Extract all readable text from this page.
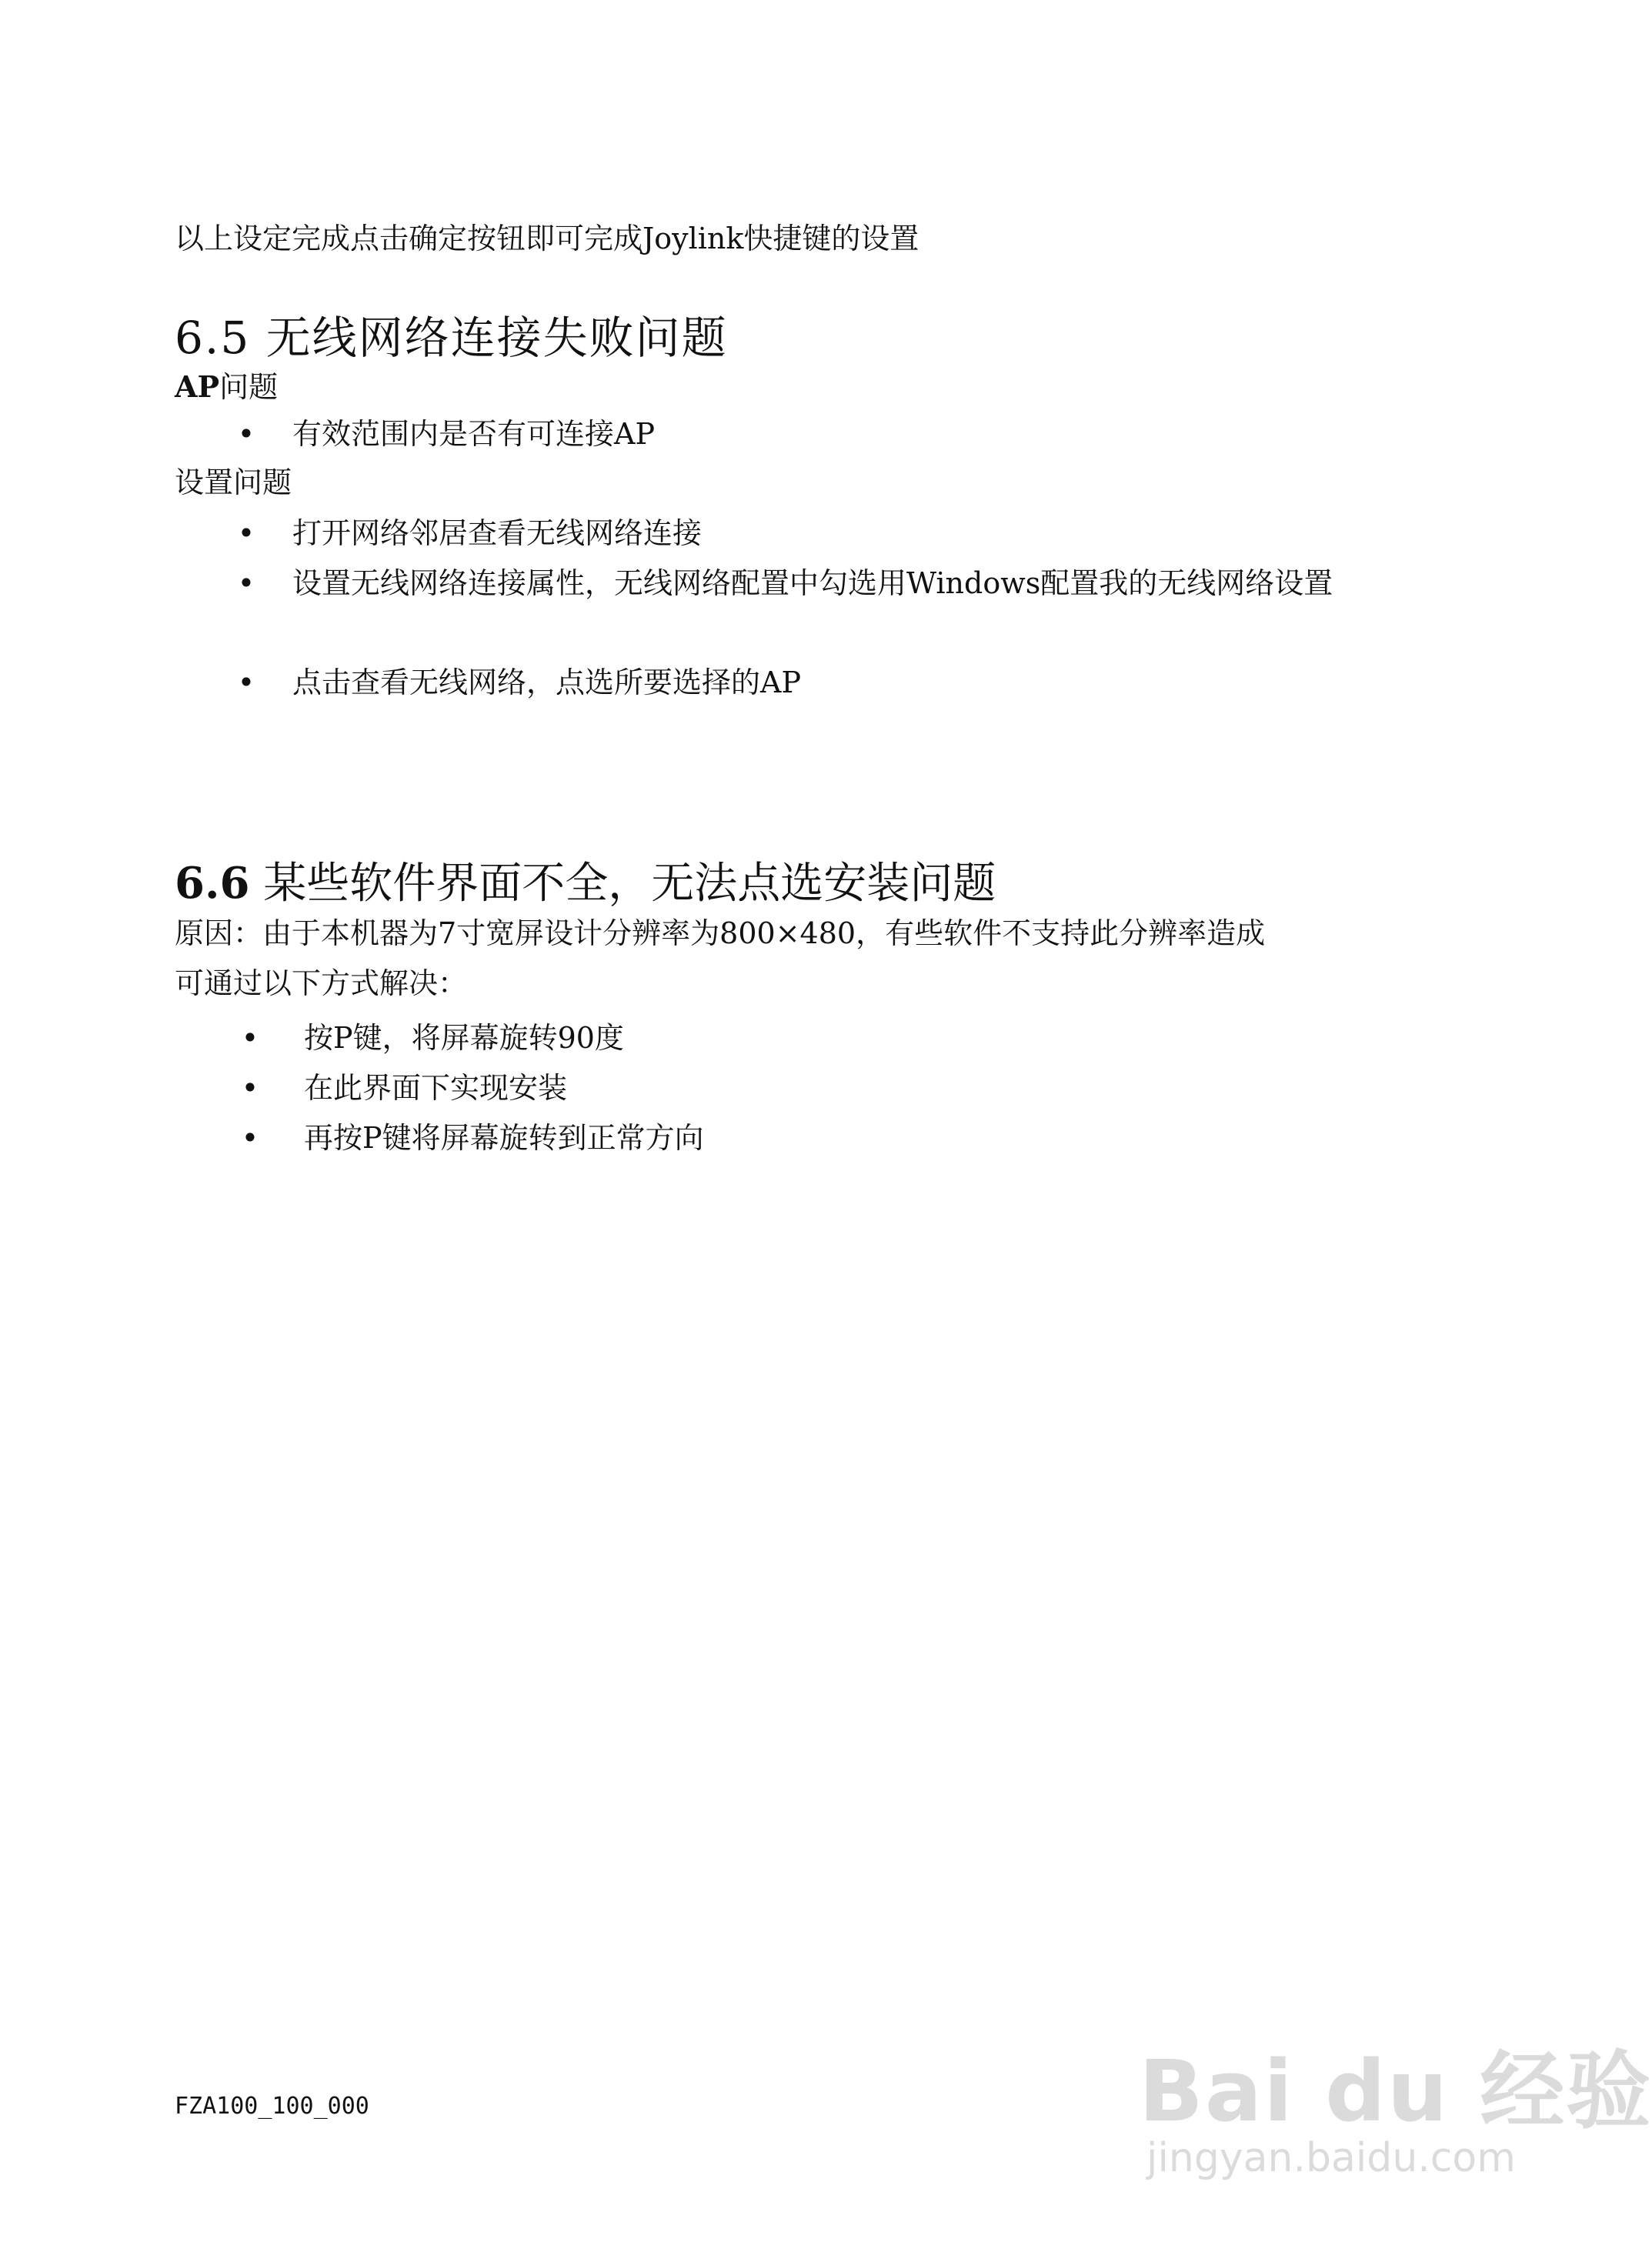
以上设定完成点击确定按钮即可完成Joylink快捷键的设置
6.5 无线网络连接失败问题
AP问题
• 有效范围内是否有可连接AP
设置问题
• 打开网络邻居查看无线网络连接
• 设置无线网络连接属性，无线网络配置中勾选用Windows配置我的无线网络设置
• 点击查看无线网络，点选所要选择的AP
6.6 某些软件界面不全，无法点选安装问题
原因：由于本机器为7寸宽屏设计分辨率为800×480，有些软件不支持此分辨率造成
可通过以下方式解决：
• 按P键，将屏幕旋转90度
• 在此界面下实现安装
• 再按P键将屏幕旋转到正常方向
FZA100_100_000	Bai du 经验
jingyan.baidu.com
